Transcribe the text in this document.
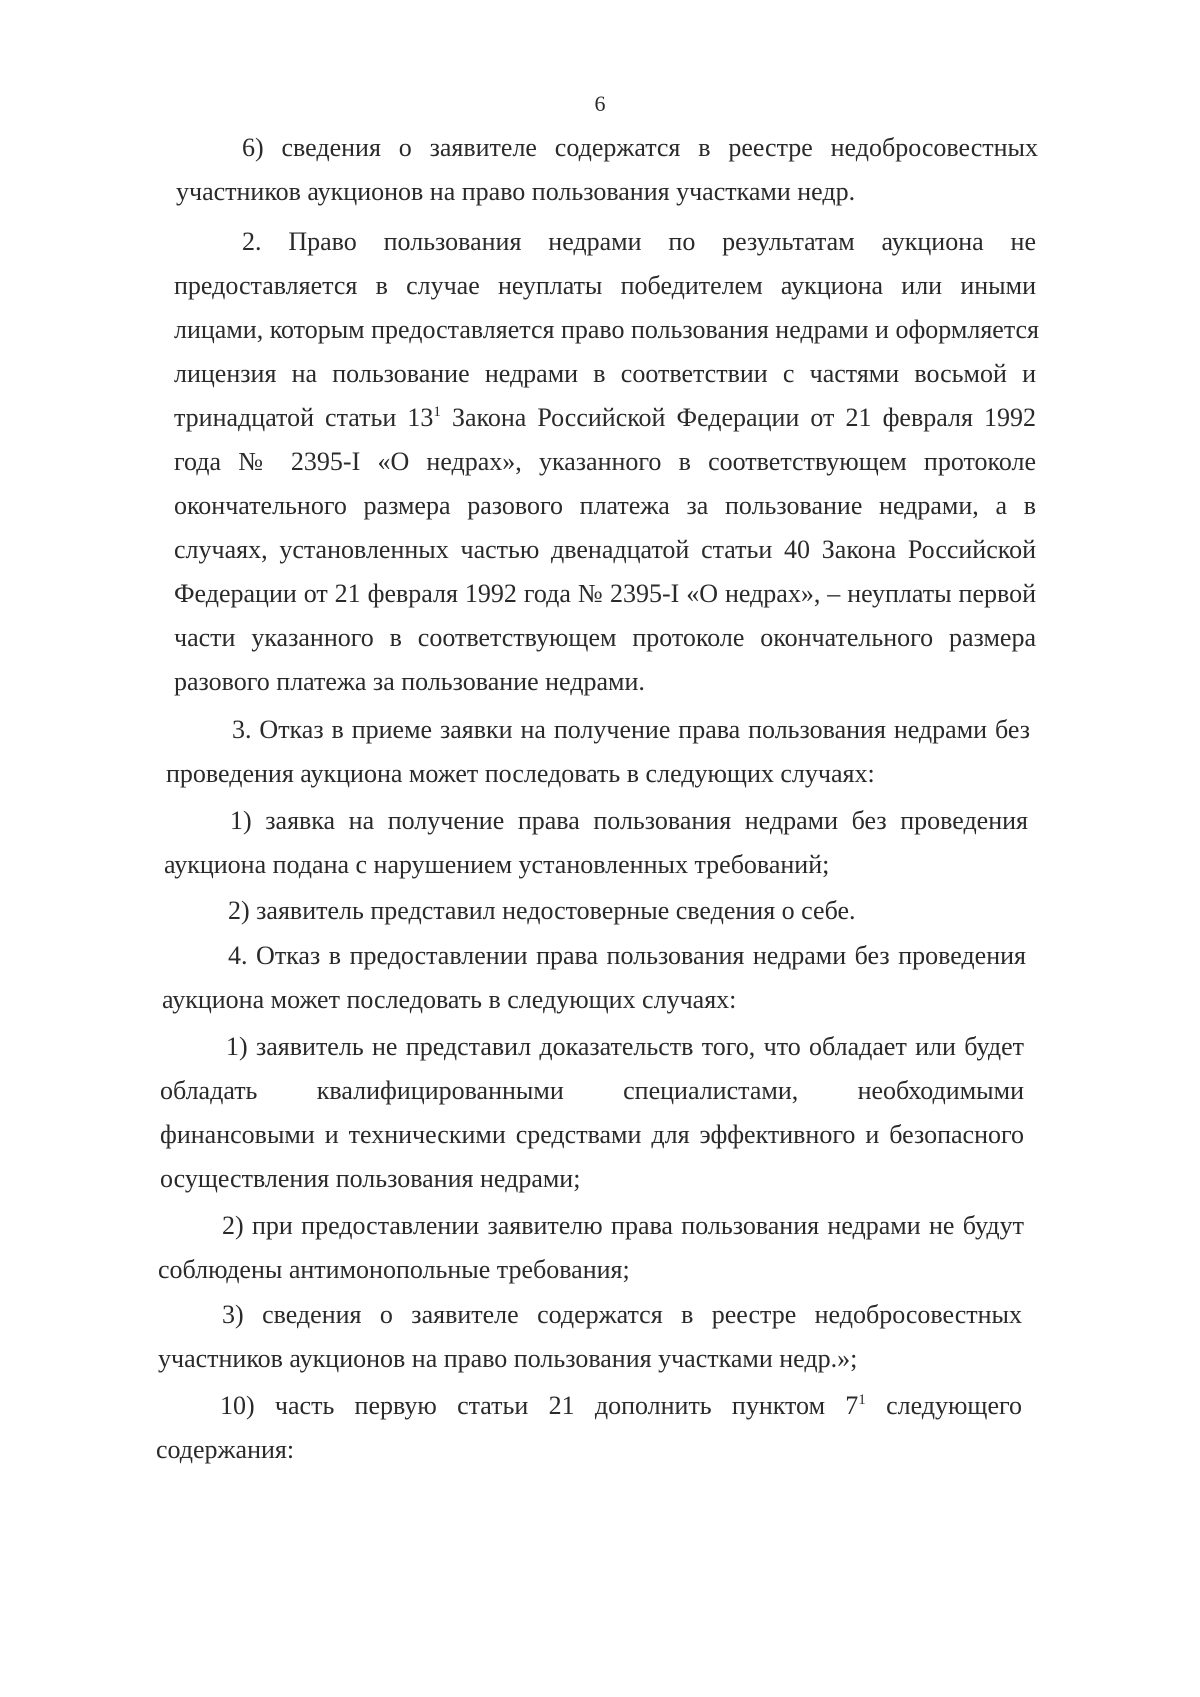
6
6) сведения о заявителе содержатся в реестре недобросовестных
участников аукционов на право пользования участками недр.
2. Право пользования недрами по результатам аукциона не
предоставляется в случае неуплаты победителем аукциона или иными
лицами, которым предоставляется право пользования недрами и оформляется
лицензия на пользование недрами в соответствии с частями восьмой и
тринадцатой статьи $13^1$ Закона Российской Федерации от 21 февраля 1992
года № 2395-I «О недрах», указанного в соответствующем протоколе
окончательного размера разового платежа за пользование недрами, а в
случаях, установленных частью двенадцатой статьи 40 Закона Российской
Федерации от 21 февраля 1992 года № 2395-I «О недрах», – неуплаты первой
части указанного в соответствующем протоколе окончательного размера
разового платежа за пользование недрами.
3. Отказ в приеме заявки на получение права пользования недрами без
проведения аукциона может последовать в следующих случаях:
1) заявка на получение права пользования недрами без проведения
аукциона подана с нарушением установленных требований;
2) заявитель представил недостоверные сведения о себе.
4. Отказ в предоставлении права пользования недрами без проведения
аукциона может последовать в следующих случаях:
1) заявитель не представил доказательств того, что обладает или будет
обладать квалифицированными специалистами, необходимыми
финансовыми и техническими средствами для эффективного и безопасного
осуществления пользования недрами;
2) при предоставлении заявителю права пользования недрами не будут
соблюдены антимонопольные требования;
3) сведения о заявителе содержатся в реестре недобросовестных
участников аукционов на право пользования участками недр.»;
10) часть первую статьи 21 дополнить пунктом $7^1$ следующего
содержания:
